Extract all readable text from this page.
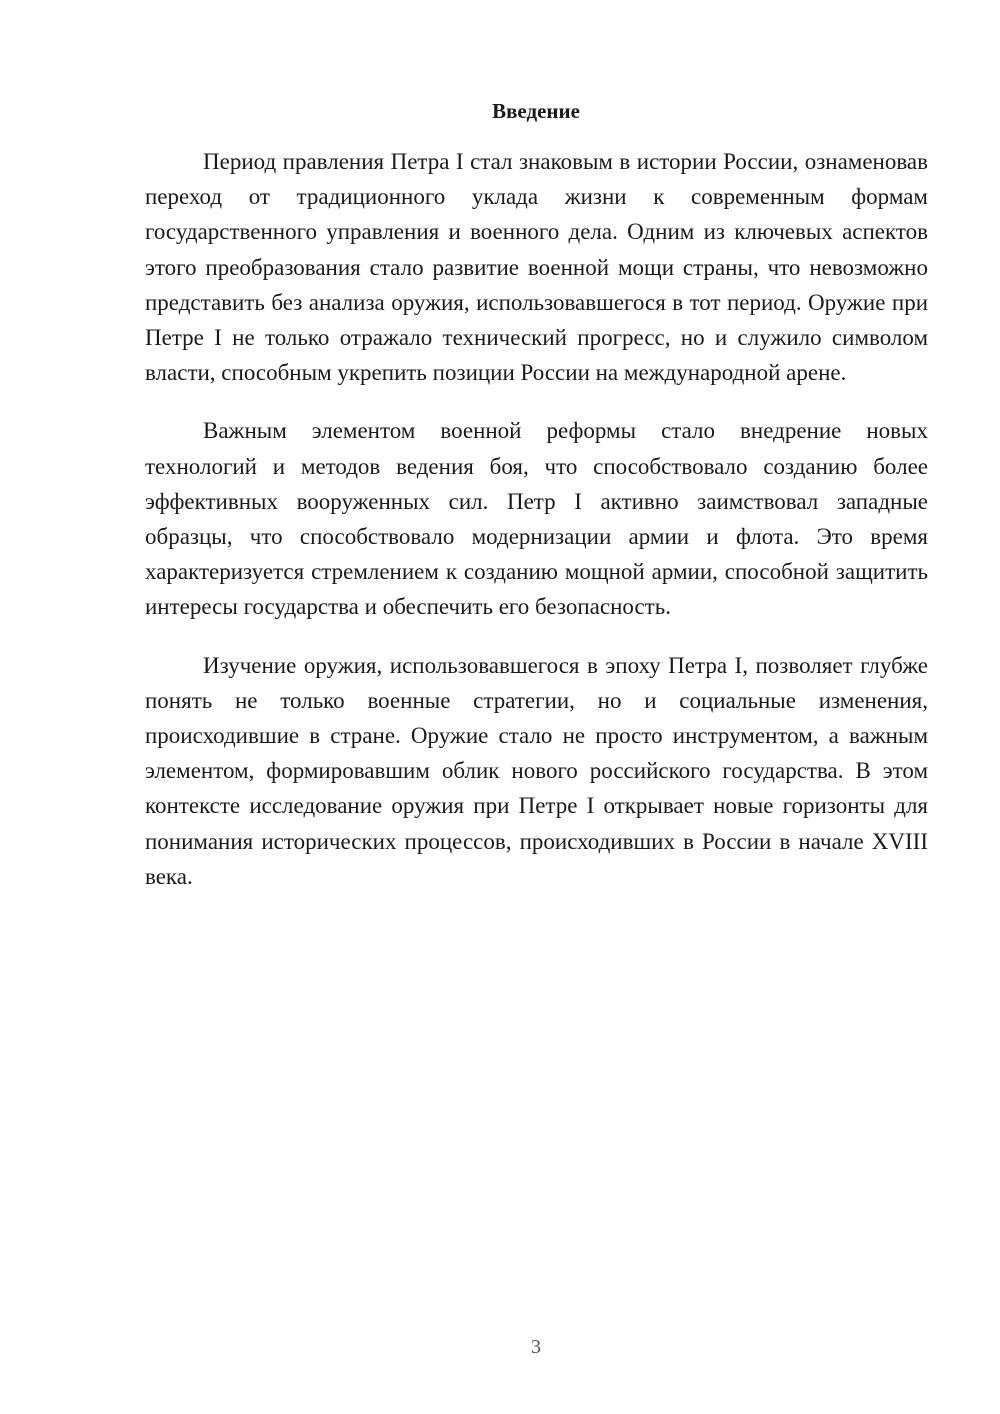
Введение

Период правления Петра I стал знаковым в истории России, ознаменовав переход от традиционного уклада жизни к современным формам государственного управления и военного дела. Одним из ключевых аспектов этого преобразования стало развитие военной мощи страны, что невозможно представить без анализа оружия, использовавшегося в тот период. Оружие при Петре I не только отражало технический прогресс, но и служило символом власти, способным укрепить позиции России на международной арене.

Важным элементом военной реформы стало внедрение новых технологий и методов ведения боя, что способствовало созданию более эффективных вооруженных сил. Петр I активно заимствовал западные образцы, что способствовало модернизации армии и флота. Это время характеризуется стремлением к созданию мощной армии, способной защитить интересы государства и обеспечить его безопасность.

Изучение оружия, использовавшегося в эпоху Петра I, позволяет глубже понять не только военные стратегии, но и социальные изменения, происходившие в стране. Оружие стало не просто инструментом, а важным элементом, формировавшим облик нового российского государства. В этом контексте исследование оружия при Петре I открывает новые горизонты для понимания исторических процессов, происходивших в России в начале XVIII века.

3
